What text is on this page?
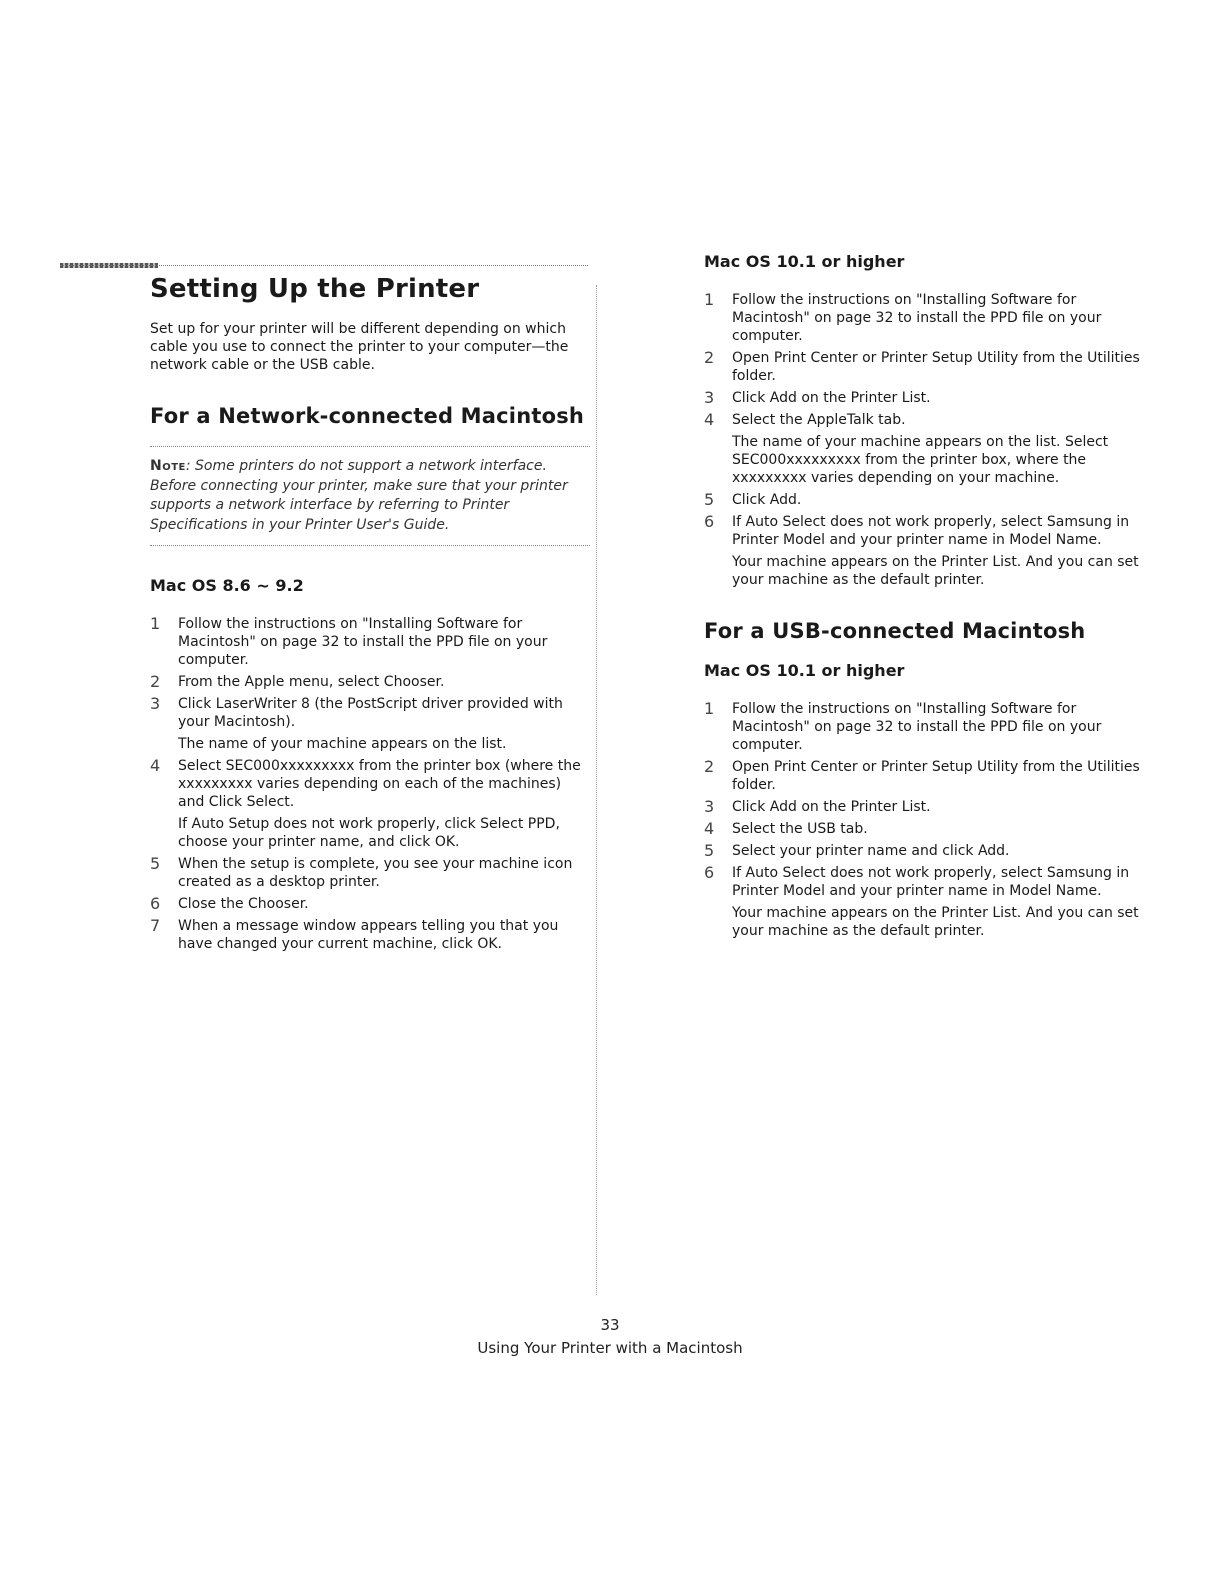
Setting Up the Printer

Set up for your printer will be different depending on which cable you use to connect the printer to your computer—the network cable or the USB cable.

For a Network-connected Macintosh

Note: Some printers do not support a network interface. Before connecting your printer, make sure that your printer supports a network interface by referring to Printer Specifications in your Printer User's Guide.

Mac OS 8.6 ~ 9.2
1 Follow the instructions on "Installing Software for Macintosh" on page 32 to install the PPD file on your computer.
2 From the Apple menu, select Chooser.
3 Click LaserWriter 8 (the PostScript driver provided with your Macintosh).
The name of your machine appears on the list.
4 Select SEC000xxxxxxxxx from the printer box (where the xxxxxxxxx varies depending on each of the machines) and Click Select.
If Auto Setup does not work properly, click Select PPD, choose your printer name, and click OK.
5 When the setup is complete, you see your machine icon created as a desktop printer.
6 Close the Chooser.
7 When a message window appears telling you that you have changed your current machine, click OK.
Mac OS 10.1 or higher
1 Follow the instructions on "Installing Software for Macintosh" on page 32 to install the PPD file on your computer.
2 Open Print Center or Printer Setup Utility from the Utilities folder.
3 Click Add on the Printer List.
4 Select the AppleTalk tab.
The name of your machine appears on the list. Select SEC000xxxxxxxxx from the printer box, where the xxxxxxxxx varies depending on your machine.
5 Click Add.
6 If Auto Select does not work properly, select Samsung in Printer Model and your printer name in Model Name.
Your machine appears on the Printer List. And you can set your machine as the default printer.
For a USB-connected Macintosh
Mac OS 10.1 or higher
1 Follow the instructions on "Installing Software for Macintosh" on page 32 to install the PPD file on your computer.
2 Open Print Center or Printer Setup Utility from the Utilities folder.
3 Click Add on the Printer List.
4 Select the USB tab.
5 Select your printer name and click Add.
6 If Auto Select does not work properly, select Samsung in Printer Model and your printer name in Model Name.
Your machine appears on the Printer List. And you can set your machine as the default printer.
33
Using Your Printer with a Macintosh
